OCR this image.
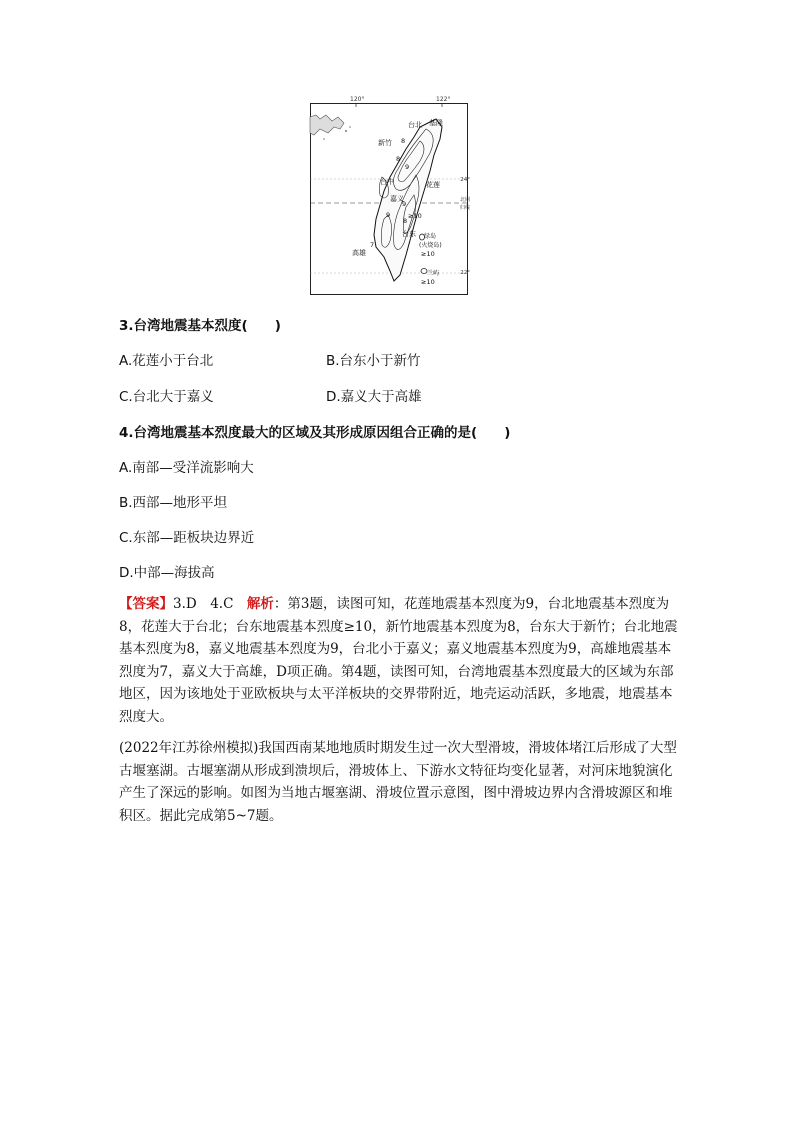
120°	122°
24°
北回
归线
22°
台北 基隆
新竹
台中	花莲
嘉义
台东 绿岛
(火烧岛)
高雄
兰屿
8
8
9
9
8
7
9
≥10
≥10
≥10
3.台湾地震基本烈度(　　)
A.花莲小于台北	B.台东小于新竹
C.台北大于嘉义	D.嘉义大于高雄
4.台湾地震基本烈度最大的区域及其形成原因组合正确的是(　　)
A.南部—受洋流影响大
B.西部—地形平坦
C.东部—距板块边界近
D.中部—海拔高
【答案】3.D　4.C　解析：第3题，读图可知，花莲地震基本烈度为9，台北地震基本烈度为8，花莲大于台北；台东地震基本烈度≥10，新竹地震基本烈度为8，台东大于新竹；台北地震基本烈度为8，嘉义地震基本烈度为9，台北小于嘉义；嘉义地震基本烈度为9，高雄地震基本烈度为7，嘉义大于高雄，D项正确。第4题，读图可知，台湾地震基本烈度最大的区域为东部地区，因为该地处于亚欧板块与太平洋板块的交界带附近，地壳运动活跃，多地震，地震基本烈度大。
(2022年江苏徐州模拟)我国西南某地地质时期发生过一次大型滑坡，滑坡体堵江后形成了大型古堰塞湖。古堰塞湖从形成到溃坝后，滑坡体上、下游水文特征均变化显著，对河床地貌演化产生了深远的影响。如图为当地古堰塞湖、滑坡位置示意图，图中滑坡边界内含滑坡源区和堆积区。据此完成第5~7题。
